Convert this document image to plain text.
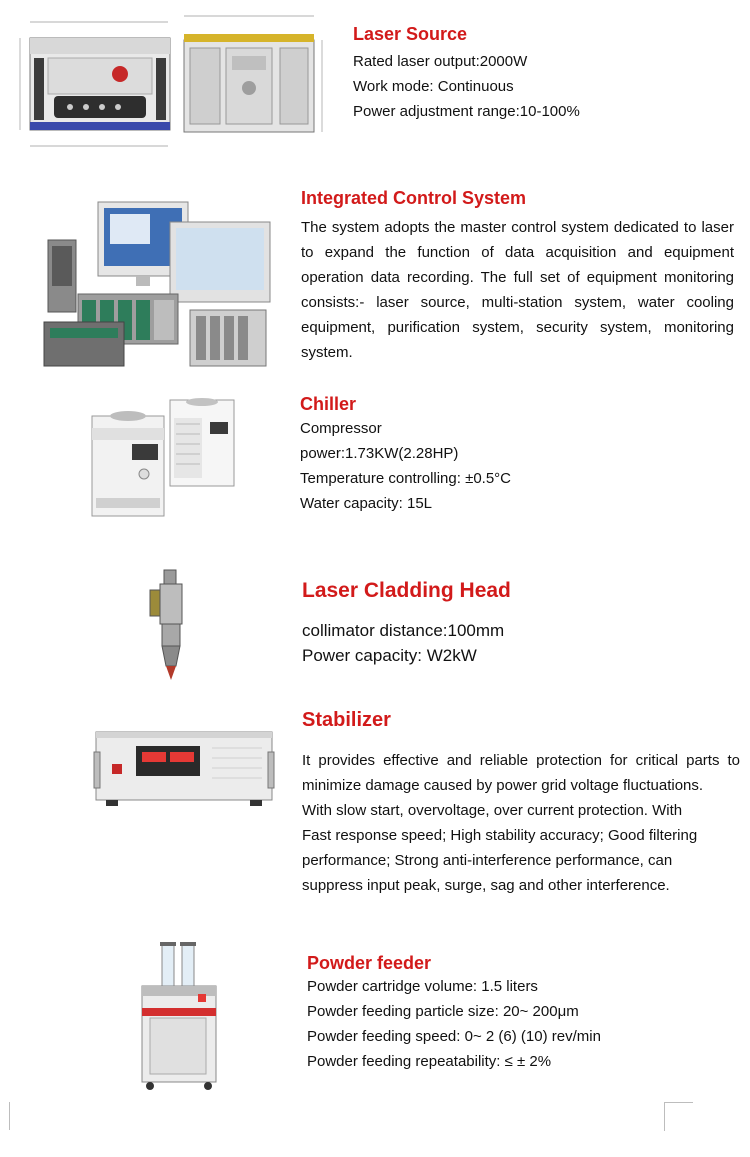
Laser Source
Rated laser output:2000W
Work mode: Continuous
Power adjustment range:10-100%
Integrated Control System

The system adopts the master control system dedicated to laser to expand the function of data acquisition and equipment operation data recording. The full set of equipment monitoring consists:- laser source, multi-station system, water cooling equipment, purification system, security system, monitoring system.

Chiller
Compressor
power:1.73KW(2.28HP)
Temperature controlling: ±0.5°C
Water capacity: 15L
Laser Cladding Head
collimator distance:100mm
Power capacity: W2kW
Stabilizer

It provides effective and reliable protection for critical parts to minimize damage caused by power grid voltage fluctuations.

With slow start, overvoltage, over current protection. With
Fast response speed; High stability accuracy; Good filtering
performance; Strong anti-interference performance, can
suppress input peak, surge, sag and other interference.
Powder feeder
Powder cartridge volume: 1.5 liters
Powder feeding particle size: 20~ 200μm
Powder feeding speed: 0~ 2 (6) (10) rev/min
Powder feeding repeatability: ≤ ± 2%
